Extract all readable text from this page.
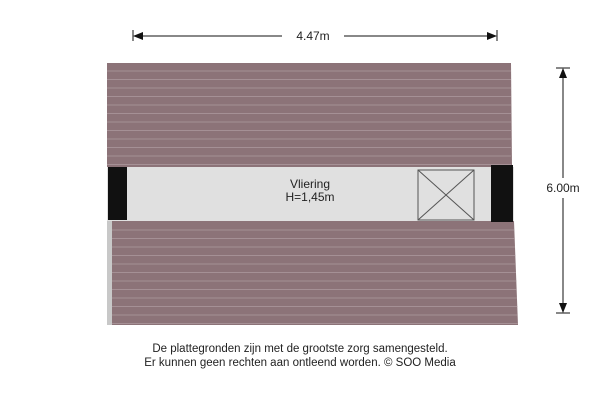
Vliering
H=1,45m
4.47m
6.00m
De plattegronden zijn met de grootste zorg samengesteld.
Er kunnen geen rechten aan ontleend worden. © SOO Media
